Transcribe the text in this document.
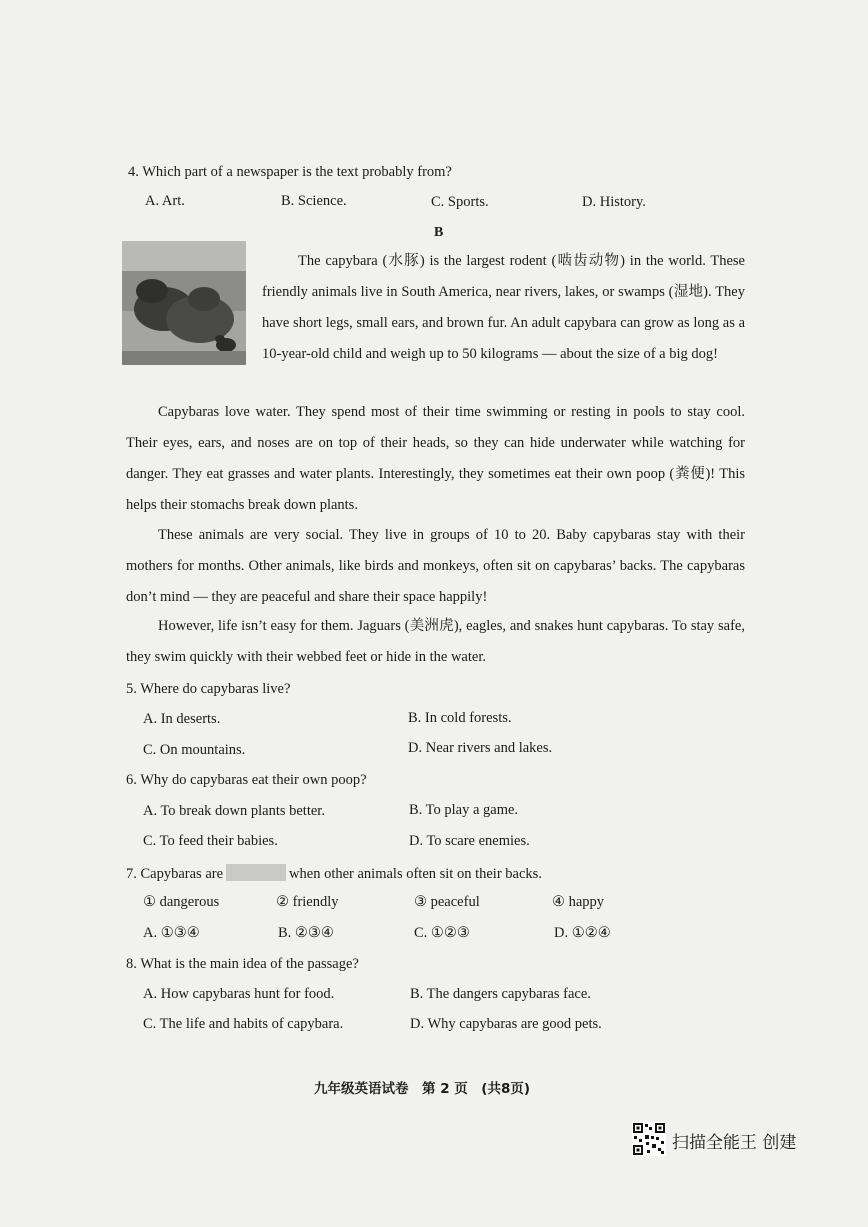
4. Which part of a newspaper is the text probably from?
A. Art.	B. Science.	C. Sports.	D. History.
B
The capybara (水豚) is the largest rodent (啮齿动物) in the world. These friendly animals live in South America, near rivers, lakes, or swamps (湿地). They have short legs, small ears, and brown fur. An adult capybara can grow as long as a 10-year-old child and weigh up to 50 kilograms — about the size of a big dog!
Capybaras love water. They spend most of their time swimming or resting in pools to stay cool. Their eyes, ears, and noses are on top of their heads, so they can hide underwater while watching for danger. They eat grasses and water plants. Interestingly, they sometimes eat their own poop (粪便)! This helps their stomachs break down plants.
These animals are very social. They live in groups of 10 to 20. Baby capybaras stay with their mothers for months. Other animals, like birds and monkeys, often sit on capybaras’ backs. The capybaras don’t mind — they are peaceful and share their space happily!
However, life isn’t easy for them. Jaguars (美洲虎), eagles, and snakes hunt capybaras. To stay safe, they swim quickly with their webbed feet or hide in the water.
5. Where do capybaras live?
A. In deserts.	B. In cold forests.
C. On mountains.	D. Near rivers and lakes.
6. Why do capybaras eat their own poop?
A. To break down plants better.	B. To play a game.
C. To feed their babies.	D. To scare enemies.
7. Capybaras are	when other animals often sit on their backs.
① dangerous	② friendly	③ peaceful	④ happy
A. ①③④	B. ②③④	C. ①②③	D. ①②④
8. What is the main idea of the passage?
A. How capybaras hunt for food.	B. The dangers capybaras face.
C. The life and habits of capybara.	D. Why capybaras are good pets.
九年级英语试卷　第 2 页　(共8页)
扫描全能王 创建
